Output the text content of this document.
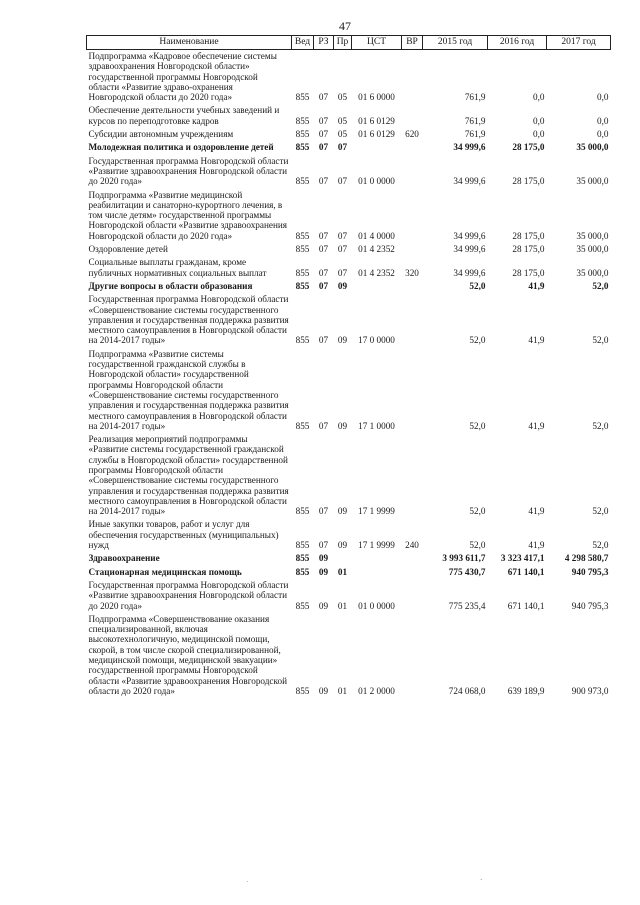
47
Наименование	Вед	РЗ	Пр	ЦСТ	ВР	2015 год	2016 год	2017 год
Подпрограмма «Кадровое обеспечение системы здравоохранения Новгородской области» государственной программы Новгородской области «Развитие здраво-охранения Новгородской области до 2020 года»	855	07	05	01 6 0000		761,9	0,0	0,0
Обеспечение деятельности учебных заведений и курсов по переподготовке кадров	855	07	05	01 6 0129		761,9	0,0	0,0
Субсидии автономным учреждениям	855	07	05	01 6 0129	620	761,9	0,0	0,0
Молодежная политика и оздоровление детей	855	07	07			34 999,6	28 175,0	35 000,0
Государственная программа Новгородской области «Развитие здравоохранения Новгородской области до 2020 года»	855	07	07	01 0 0000		34 999,6	28 175,0	35 000,0
Подпрограмма «Развитие медицинской реабилитации и санаторно-курортного лечения, в том числе детям» государственной программы Новгородской области «Развитие здравоохранения Новгородской области до 2020 года»	855	07	07	01 4 0000		34 999,6	28 175,0	35 000,0
Оздоровление детей	855	07	07	01 4 2352		34 999,6	28 175,0	35 000,0
Социальные выплаты гражданам, кроме публичных нормативных социальных выплат	855	07	07	01 4 2352	320	34 999,6	28 175,0	35 000,0
Другие вопросы в области образования	855	07	09			52,0	41,9	52,0
Государственная программа Новгородской области «Совершенствование системы государственного управления и государственная поддержка развития местного самоуправления в Новгородской области на 2014-2017 годы»	855	07	09	17 0 0000		52,0	41,9	52,0
Подпрограмма «Развитие системы государственной гражданской службы в Новгородской области» государственной программы Новгородской области «Совершенствование системы государственного управления и государственная поддержка развития местного самоуправления в Новгородской области на 2014-2017 годы»	855	07	09	17 1 0000		52,0	41,9	52,0
Реализация мероприятий подпрограммы «Развитие системы государственной гражданской службы в Новгородской области» государственной программы Новгородской области «Совершенствование системы государственного управления и государственная поддержка развития местного самоуправления в Новгородской области на 2014-2017 годы»	855	07	09	17 1 9999		52,0	41,9	52,0
Иные закупки товаров, работ и услуг для обеспечения государственных (муниципальных) нужд	855	07	09	17 1 9999	240	52,0	41,9	52,0
Здравоохранение	855	09				3 993 611,7	3 323 417,1	4 298 580,7
Стационарная медицинская помощь	855	09	01			775 430,7	671 140,1	940 795,3
Государственная программа Новгородской области «Развитие здравоохранения Новгородской области до 2020 года»	855	09	01	01 0 0000		775 235,4	671 140,1	940 795,3
Подпрограмма «Совершенствование оказания специализированной, включая высокотехнологичную, медицинской помощи, скорой, в том числе скорой специализированной, медицинской помощи, медицинской эвакуации» государственной программы Новгородской области «Развитие здравоохранения Новгородской области до 2020 года»	855	09	01	01 2 0000		724 068,0	639 189,9	900 973,0
˙	·
